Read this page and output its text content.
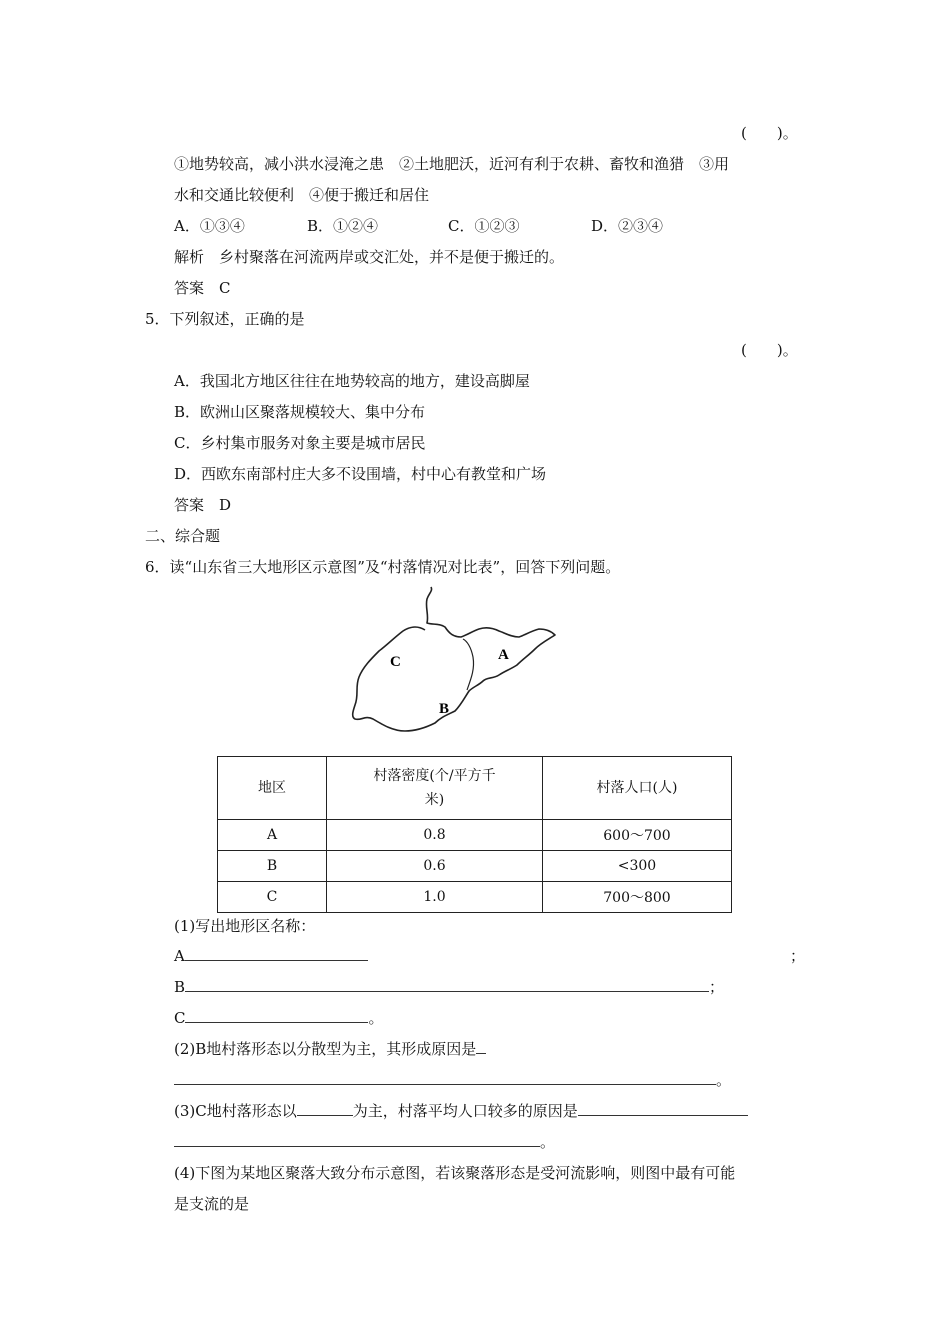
(　　)。
①地势较高，减小洪水浸淹之患　②土地肥沃，近河有利于农耕、畜牧和渔猎　③用
水和交通比较便利　④便于搬迁和居住
A．①③④	B．①②④	C．①②③	D．②③④
解析　乡村聚落在河流两岸或交汇处，并不是便于搬迁的。
答案　C
5．下列叙述，正确的是
(　　)。
A．我国北方地区往往在地势较高的地方，建设高脚屋
B．欧洲山区聚落规模较大、集中分布
C．乡村集市服务对象主要是城市居民
D．西欧东南部村庄大多不设围墙，村中心有教堂和广场
答案　D
二、综合题
6．读“山东省三大地形区示意图”及“村落情况对比表”，回答下列问题。
A
B
C
地区	村落密度(个/平方千
米)	村落人口(人)
A	0.8	600～700
B	0.6	<300
C	1.0	700～800
(1)写出地形区名称：
A	；
B	；
C	。
(2)B地村落形态以分散型为主，其形成原因是
。
(3)C地村落形态以	为主，村落平均人口较多的原因是
。
(4)下图为某地区聚落大致分布示意图，若该聚落形态是受河流影响，则图中最有可能
是支流的是
